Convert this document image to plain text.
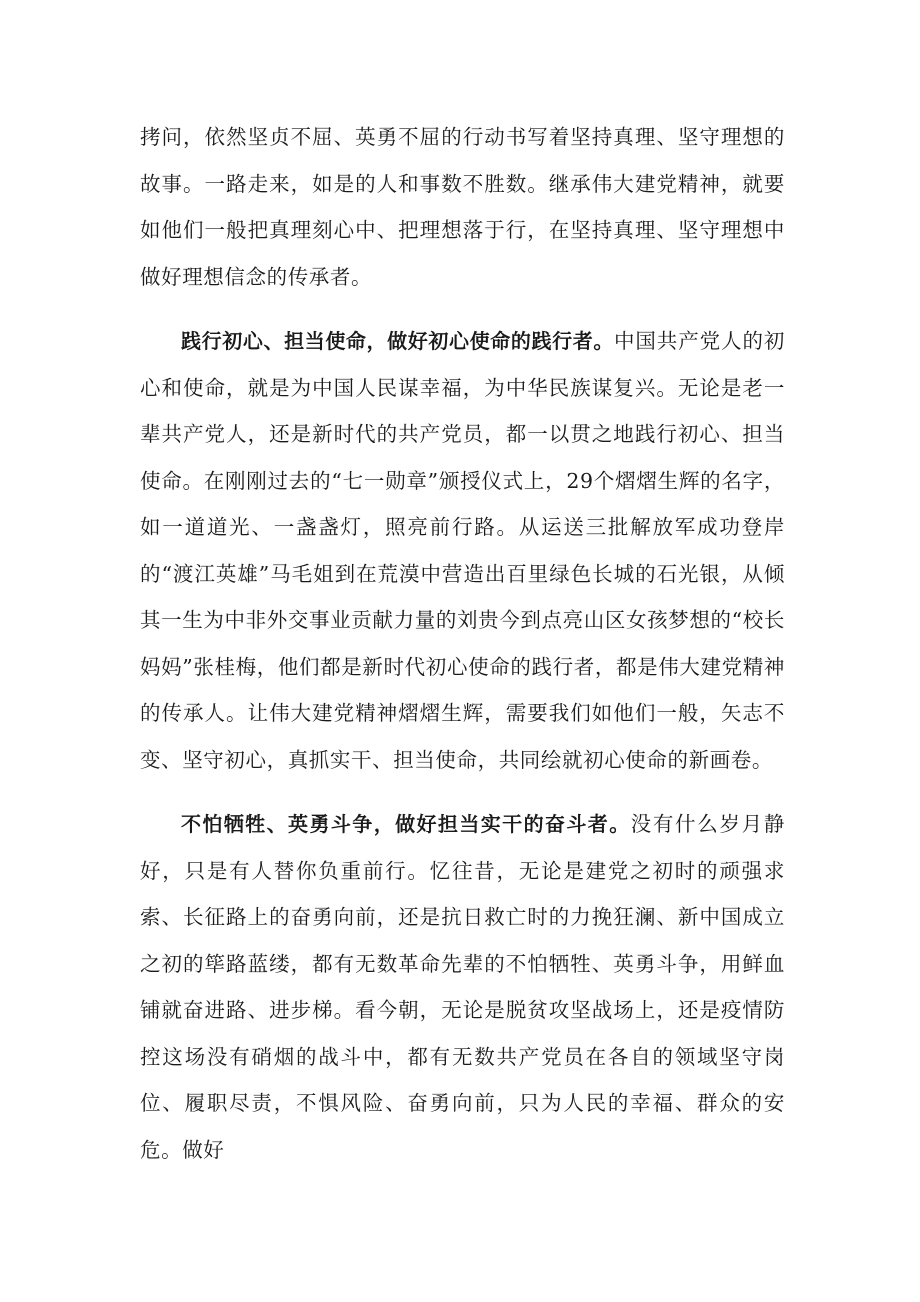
拷问，依然坚贞不屈、英勇不屈的行动书写着坚持真理、坚守理想的故事。一路走来，如是的人和事数不胜数。继承伟大建党精神，就要如他们一般把真理刻心中、把理想落于行，在坚持真理、坚守理想中做好理想信念的传承者。

践行初心、担当使命，做好初心使命的践行者。中国共产党人的初心和使命，就是为中国人民谋幸福，为中华民族谋复兴。无论是老一辈共产党人，还是新时代的共产党员，都一以贯之地践行初心、担当使命。在刚刚过去的“七一勋章”颁授仪式上，29个熠熠生辉的名字，如一道道光、一盏盏灯，照亮前行路。从运送三批解放军成功登岸的“渡江英雄”马毛姐到在荒漠中营造出百里绿色长城的石光银，从倾其一生为中非外交事业贡献力量的刘贵今到点亮山区女孩梦想的“校长妈妈”张桂梅，他们都是新时代初心使命的践行者，都是伟大建党精神的传承人。让伟大建党精神熠熠生辉，需要我们如他们一般，矢志不变、坚守初心，真抓实干、担当使命，共同绘就初心使命的新画卷。

不怕牺牲、英勇斗争，做好担当实干的奋斗者。没有什么岁月静好，只是有人替你负重前行。忆往昔，无论是建党之初时的顽强求索、长征路上的奋勇向前，还是抗日救亡时的力挽狂澜、新中国成立之初的筚路蓝缕，都有无数革命先辈的不怕牺牲、英勇斗争，用鲜血铺就奋进路、进步梯。看今朝，无论是脱贫攻坚战场上，还是疫情防控这场没有硝烟的战斗中，都有无数共产党员在各自的领域坚守岗位、履职尽责，不惧风险、奋勇向前，只为人民的幸福、群众的安危。做好
